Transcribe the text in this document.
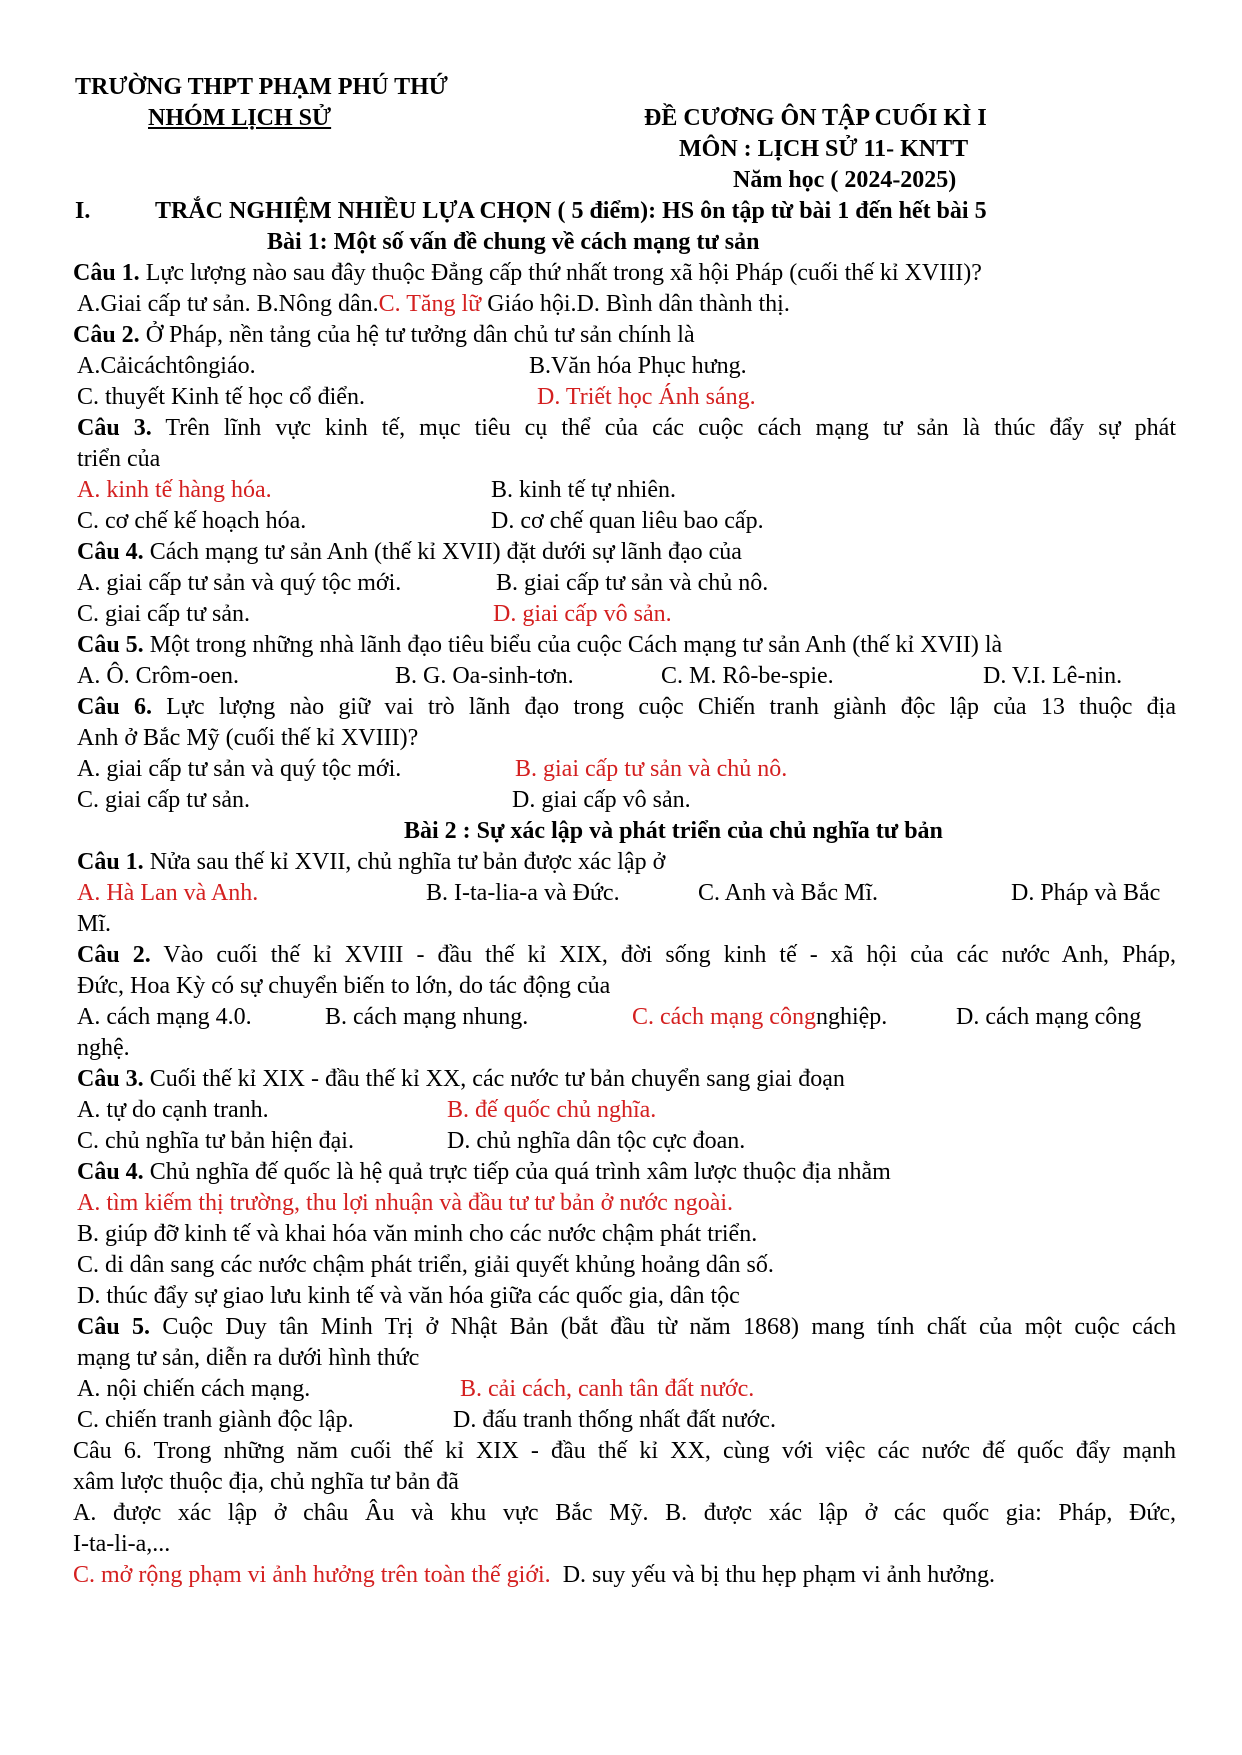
TRƯỜNG THPT PHẠM PHÚ THỨ
NHÓM LỊCH SỬ	ĐỀ CƯƠNG ÔN TẬP CUỐI KÌ I
MÔN : LỊCH SỬ 11- KNTT
Năm học ( 2024-2025)
I.	TRẮC NGHIỆM NHIỀU LỰA CHỌN ( 5 điểm): HS ôn tập từ bài 1 đến hết bài 5
Bài 1: Một số vấn đề chung về cách mạng tư sản
Câu 1. Lực lượng nào sau đây thuộc Đẳng cấp thứ nhất trong xã hội Pháp (cuối thế kỉ XVIII)?
A.Giai cấp tư sản. B.Nông dân.C. Tăng lữ Giáo hội.D. Bình dân thành thị.
Câu 2. Ở Pháp, nền tảng của hệ tư tưởng dân chủ tư sản chính là
A.Cảicáchtôngiáo.	B.Văn hóa Phục hưng.
C. thuyết Kinh tế học cổ điển.	D. Triết học Ánh sáng.
Câu 3. Trên lĩnh vực kinh tế, mục tiêu cụ thể của các cuộc cách mạng tư sản là thúc đẩy sự phát
triển của
A. kinh tế hàng hóa.	B. kinh tế tự nhiên.
C. cơ chế kế hoạch hóa.	D. cơ chế quan liêu bao cấp.
Câu 4. Cách mạng tư sản Anh (thế kỉ XVII) đặt dưới sự lãnh đạo của
A. giai cấp tư sản và quý tộc mới.	B. giai cấp tư sản và chủ nô.
C. giai cấp tư sản.	D. giai cấp vô sản.
Câu 5. Một trong những nhà lãnh đạo tiêu biểu của cuộc Cách mạng tư sản Anh (thế kỉ XVII) là
A. Ô. Crôm-oen.	B. G. Oa-sinh-tơn.	C. M. Rô-be-spie.	D. V.I. Lê-nin.
Câu 6. Lực lượng nào giữ vai trò lãnh đạo trong cuộc Chiến tranh giành độc lập của 13 thuộc địa
Anh ở Bắc Mỹ (cuối thế kỉ XVIII)?
A. giai cấp tư sản và quý tộc mới.	B. giai cấp tư sản và chủ nô.
C. giai cấp tư sản.	D. giai cấp vô sản.
Bài 2 : Sự xác lập và phát triển của chủ nghĩa tư bản
Câu 1. Nửa sau thế kỉ XVII, chủ nghĩa tư bản được xác lập ở
A. Hà Lan và Anh.	B. I-ta-lia-a và Đức.	C. Anh và Bắc Mĩ.	D. Pháp và Bắc
Mĩ.
Câu 2. Vào cuối thế kỉ XVIII - đầu thế kỉ XIX, đời sống kinh tế - xã hội của các nước Anh, Pháp,
Đức, Hoa Kỳ có sự chuyển biến to lớn, do tác động của
A. cách mạng 4.0.	B. cách mạng nhung.	C. cách mạng côngnghiệp.	D. cách mạng công
nghệ.
Câu 3. Cuối thế kỉ XIX - đầu thế kỉ XX, các nước tư bản chuyển sang giai đoạn
A. tự do cạnh tranh.	B. đế quốc chủ nghĩa.
C. chủ nghĩa tư bản hiện đại.	D. chủ nghĩa dân tộc cực đoan.
Câu 4. Chủ nghĩa đế quốc là hệ quả trực tiếp của quá trình xâm lược thuộc địa nhằm
A. tìm kiếm thị trường, thu lợi nhuận và đầu tư tư bản ở nước ngoài.
B. giúp đỡ kinh tế và khai hóa văn minh cho các nước chậm phát triển.
C. di dân sang các nước chậm phát triển, giải quyết khủng hoảng dân số.
D. thúc đẩy sự giao lưu kinh tế và văn hóa giữa các quốc gia, dân tộc
Câu 5. Cuộc Duy tân Minh Trị ở Nhật Bản (bắt đầu từ năm 1868) mang tính chất của một cuộc cách
mạng tư sản, diễn ra dưới hình thức
A. nội chiến cách mạng.	B. cải cách, canh tân đất nước.
C. chiến tranh giành độc lập.	D. đấu tranh thống nhất đất nước.
Câu 6. Trong những năm cuối thế kỉ XIX - đầu thế kỉ XX, cùng với việc các nước đế quốc đẩy mạnh
xâm lược thuộc địa, chủ nghĩa tư bản đã
A. được xác lập ở châu Âu và khu vực Bắc Mỹ. B. được xác lập ở các quốc gia: Pháp, Đức,
I-ta-li-a,...
C. mở rộng phạm vi ảnh hưởng trên toàn thế giới.  D. suy yếu và bị thu hẹp phạm vi ảnh hưởng.
